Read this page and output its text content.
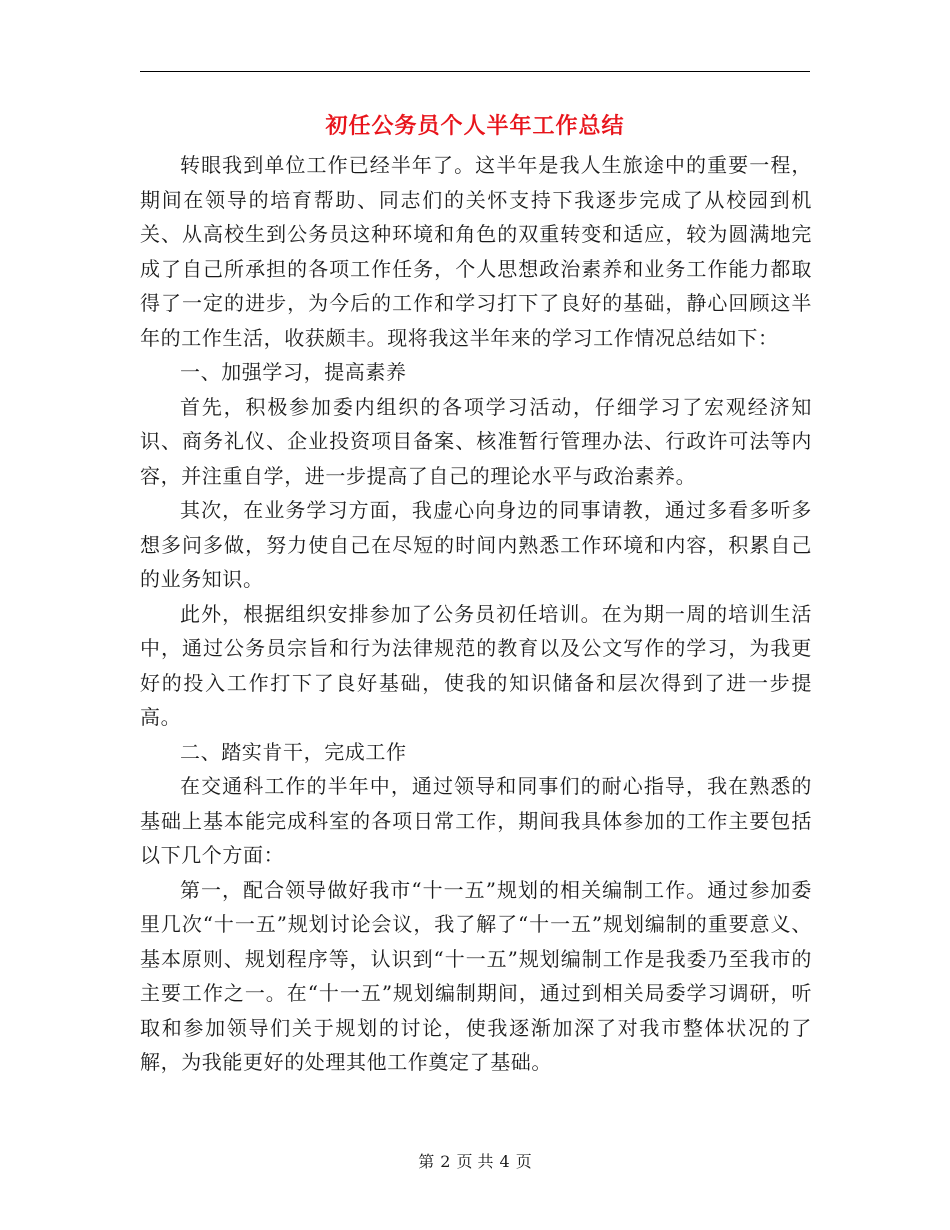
初任公务员个人半年工作总结

转眼我到单位工作已经半年了。这半年是我人生旅途中的重要一程，期间在领导的培育帮助、同志们的关怀支持下我逐步完成了从校园到机关、从高校生到公务员这种环境和角色的双重转变和适应，较为圆满地完成了自己所承担的各项工作任务，个人思想政治素养和业务工作能力都取得了一定的进步，为今后的工作和学习打下了良好的基础，静心回顾这半年的工作生活，收获颇丰。现将我这半年来的学习工作情况总结如下：

一、加强学习，提高素养

首先，积极参加委内组织的各项学习活动，仔细学习了宏观经济知识、商务礼仪、企业投资项目备案、核准暂行管理办法、行政许可法等内容，并注重自学，进一步提高了自己的理论水平与政治素养。

其次，在业务学习方面，我虚心向身边的同事请教，通过多看多听多想多问多做，努力使自己在尽短的时间内熟悉工作环境和内容，积累自己的业务知识。

此外，根据组织安排参加了公务员初任培训。在为期一周的培训生活中，通过公务员宗旨和行为法律规范的教育以及公文写作的学习，为我更好的投入工作打下了良好基础，使我的知识储备和层次得到了进一步提高。

二、踏实肯干，完成工作

在交通科工作的半年中，通过领导和同事们的耐心指导，我在熟悉的基础上基本能完成科室的各项日常工作，期间我具体参加的工作主要包括以下几个方面：

第一，配合领导做好我市“十一五”规划的相关编制工作。通过参加委里几次“十一五”规划讨论会议，我了解了“十一五”规划编制的重要意义、基本原则、规划程序等，认识到“十一五”规划编制工作是我委乃至我市的主要工作之一。在“十一五”规划编制期间，通过到相关局委学习调研，听取和参加领导们关于规划的讨论，使我逐渐加深了对我市整体状况的了解，为我能更好的处理其他工作奠定了基础。

第 2 页 共 4 页
